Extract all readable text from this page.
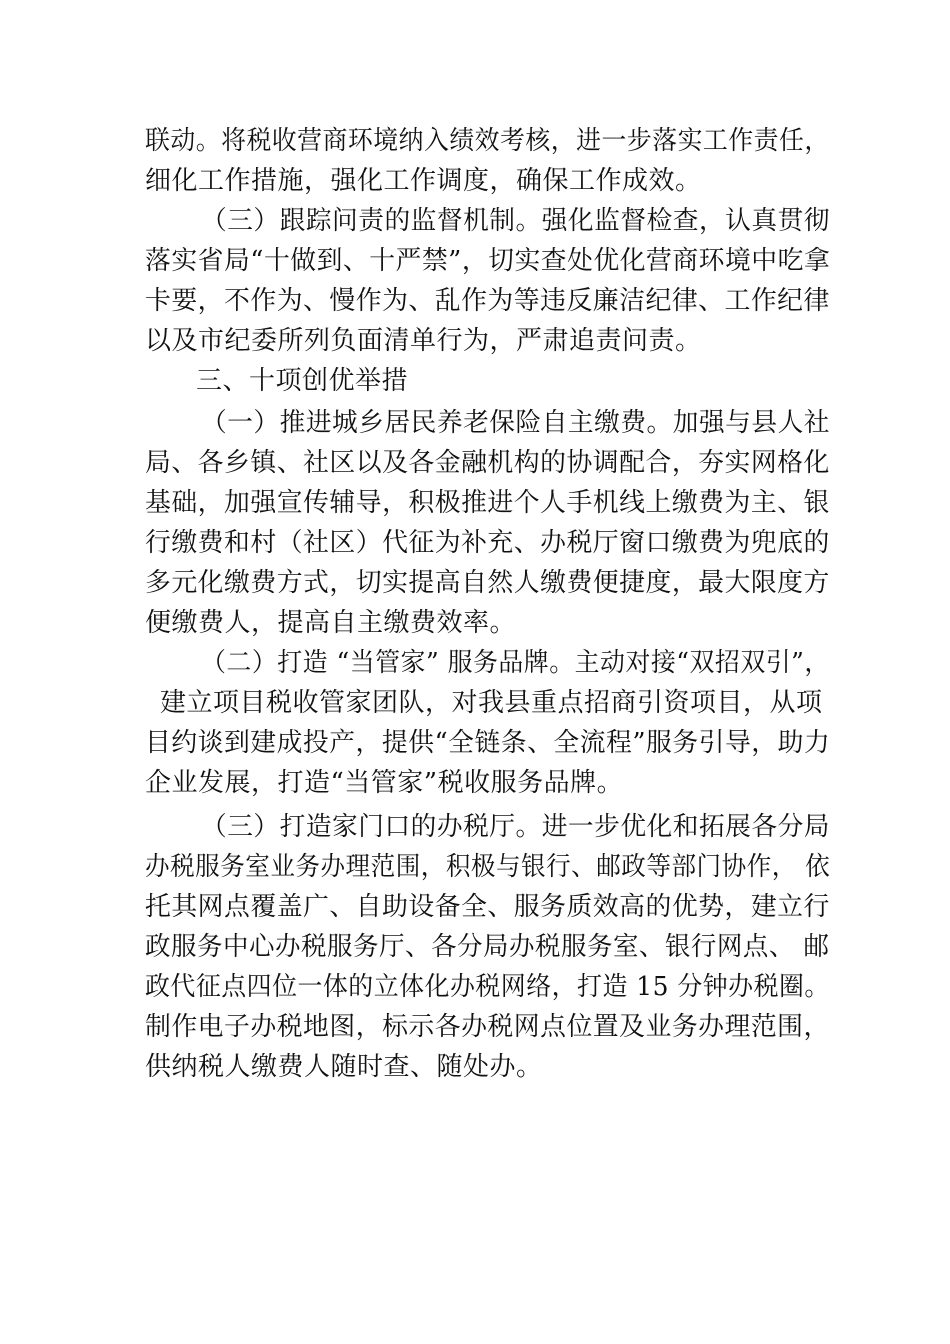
联动。将税收营商环境纳入绩效考核，进一步落实工作责任，
细化工作措施，强化工作调度，确保工作成效。
（三）跟踪问责的监督机制。强化监督检查，认真贯彻
落实省局“十做到、十严禁”，切实查处优化营商环境中吃拿
卡要，不作为、慢作为、乱作为等违反廉洁纪律、工作纪律
以及市纪委所列负面清单行为，严肃追责问责。
三、十项创优举措
（一）推进城乡居民养老保险自主缴费。加强与县人社
局、各乡镇、社区以及各金融机构的协调配合，夯实网格化
基础，加强宣传辅导，积极推进个人手机线上缴费为主、银
行缴费和村（社区）代征为补充、办税厅窗口缴费为兜底的
多元化缴费方式，切实提高自然人缴费便捷度，最大限度方
便缴费人，提高自主缴费效率。
（二）打造 “当管家” 服务品牌。主动对接“双招双引”，
建立项目税收管家团队，对我县重点招商引资项目，从项
目约谈到建成投产，提供“全链条、全流程”服务引导，助力
企业发展，打造“当管家”税收服务品牌。
（三）打造家门口的办税厅。进一步优化和拓展各分局
办税服务室业务办理范围，积极与银行、邮政等部门协作， 依
托其网点覆盖广、自助设备全、服务质效高的优势，建立行
政服务中心办税服务厅、各分局办税服务室、银行网点、 邮
政代征点四位一体的立体化办税网络，打造 15 分钟办税圈。
制作电子办税地图，标示各办税网点位置及业务办理范围，
供纳税人缴费人随时查、随处办。
